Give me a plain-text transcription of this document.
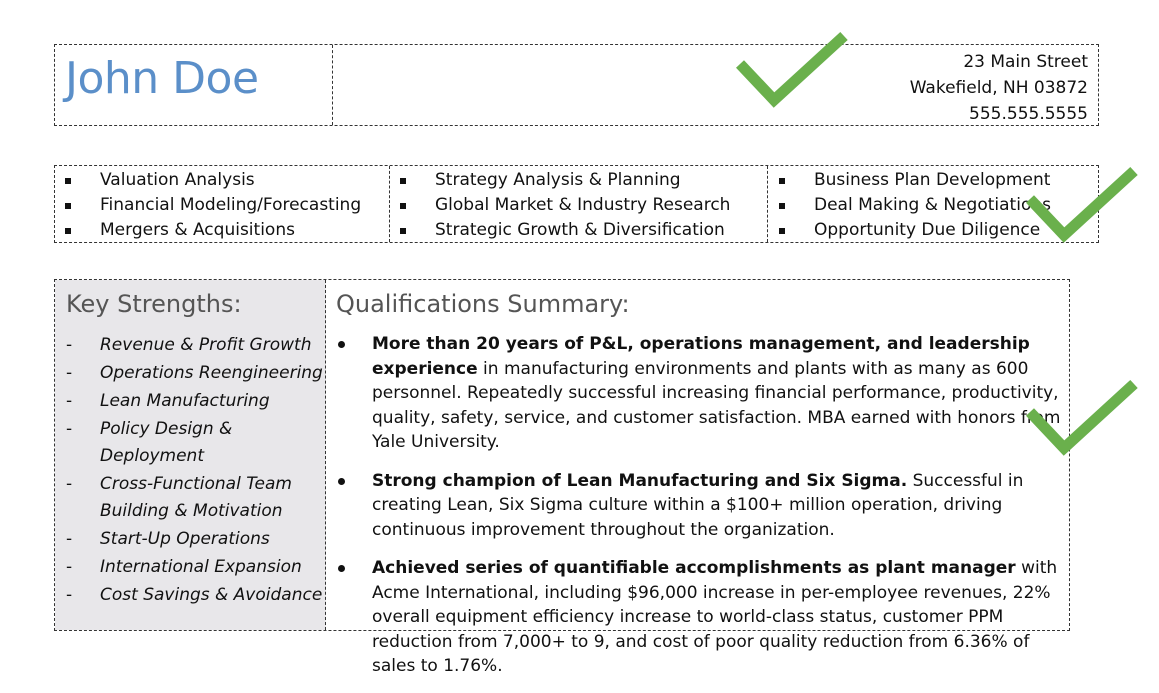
John Doe	23 Main Street
Wakefield, NH 03872
555.555.5555
Valuation Analysis
Financial Modeling/Forecasting
Mergers & Acquisitions
Strategy Analysis & Planning
Global Market & Industry Research
Strategic Growth & Diversification
Business Plan Development
Deal Making & Negotiations
Opportunity Due Diligence
Key Strengths:
- Revenue & Profit Growth
- Operations Reengineering
- Lean Manufacturing
- Policy Design & Deployment
- Cross-Functional Team Building & Motivation
- Start-Up Operations
- International Expansion
- Cost Savings & Avoidance
Qualifications Summary:
More than 20 years of P&L, operations management, and leadership experience in manufacturing environments and plants with as many as 600 personnel. Repeatedly successful increasing financial performance, productivity, quality, safety, service, and customer satisfaction. MBA earned with honors from Yale University.
Strong champion of Lean Manufacturing and Six Sigma. Successful in creating Lean, Six Sigma culture within a $100+ million operation, driving continuous improvement throughout the organization.
Achieved series of quantifiable accomplishments as plant manager with Acme International, including $96,000 increase in per-employee revenues, 22% overall equipment efficiency increase to world-class status, customer PPM reduction from 7,000+ to 9, and cost of poor quality reduction from 6.36% of sales to 1.76%.
